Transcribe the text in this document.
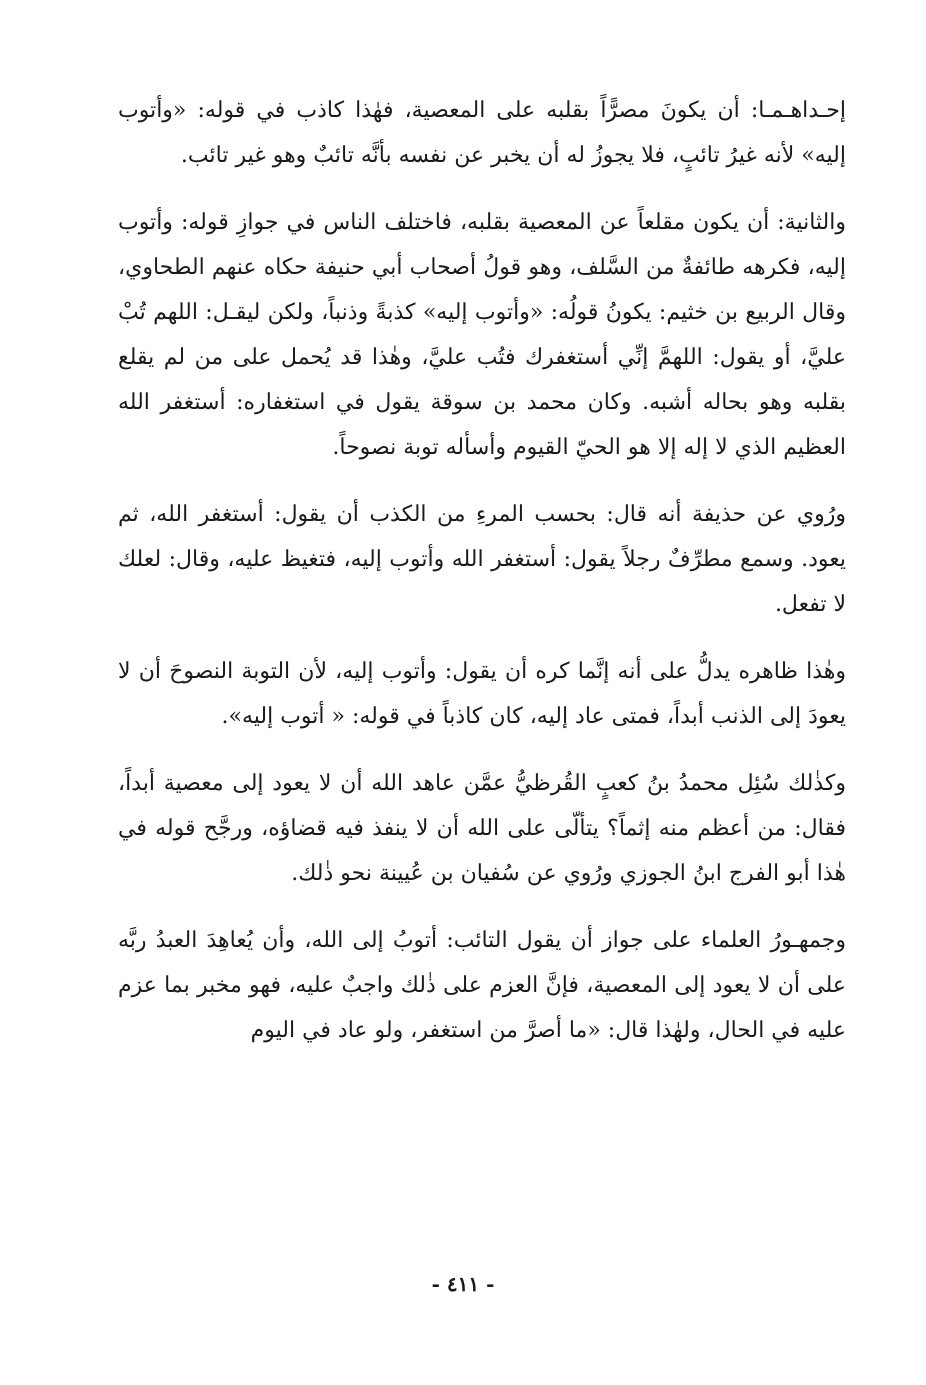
إحـداهـمـا: أن يكونَ مصرًّاً بقلبه على المعصية، فهٰذا كاذب في قوله: «وأتوب إليه» لأنه غيرُ تائبٍ، فلا يجوزُ له أن يخبر عن نفسه بأنَّه تائبٌ وهو غير تائب.

والثانية: أن يكون مقلعاً عن المعصية بقلبه، فاختلف الناس في جوازِ قوله: وأتوب إليه، فكرهه طائفةٌ من السَّلف، وهو قولُ أصحاب أبي حنيفة حكاه عنهم الطحاوي، وقال الربيع بن خثيم: يكونُ قولُه: «وأتوب إليه» كذبةً وذنباً، ولكن ليقـل: اللهم تُبْ عليَّ، أو يقول: اللهمَّ إنِّي أستغفرك فتُب عليَّ، وهٰذا قد يُحمل على من لم يقلع بقلبه وهو بحاله أشبه. وكان محمد بن سوقة يقول في استغفاره: أستغفر الله العظيم الذي لا إله إلا هو الحيّ القيوم وأسأله توبة نصوحاً.

ورُوي عن حذيفة أنه قال: بحسب المرءِ من الكذب أن يقول: أستغفر الله، ثم يعود. وسمع مطرِّفٌ رجلاً يقول: أستغفر الله وأتوب إليه، فتغيظ عليه، وقال: لعلك لا تفعل.

وهٰذا ظاهره يدلُّ على أنه إنَّما كره أن يقول: وأتوب إليه، لأن التوبة النصوحَ أن لا يعودَ إلى الذنب أبداً، فمتى عاد إليه، كان كاذباً في قوله: « أتوب إليه».

وكذٰلك سُئِل محمدُ بنُ كعبٍ القُرظيُّ عمَّن عاهد الله أن لا يعود إلى معصية أبداً، فقال: من أعظم منه إثماً؟ يتألّى على الله أن لا ينفذ فيه قضاؤه، ورجَّح قوله في هٰذا أبو الفرج ابنُ الجوزي ورُوي عن سُفيان بن عُيينة نحو ذٰلك.

وجمهـورُ العلماء على جواز أن يقول التائب: أتوبُ إلى الله، وأن يُعاهِدَ العبدُ ربَّه على أن لا يعود إلى المعصية، فإنَّ العزم على ذٰلك واجبٌ عليه، فهو مخبر بما عزم عليه في الحال، ولهٰذا قال: «ما أصرَّ من استغفر، ولو عاد في اليوم

- ٤١١ -
